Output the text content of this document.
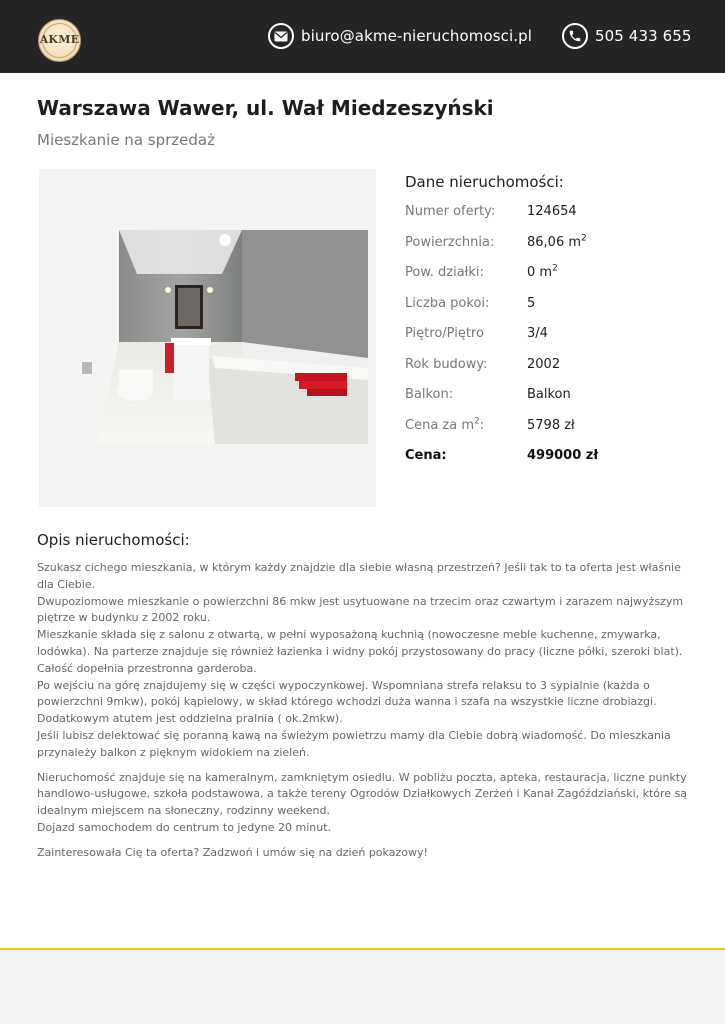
AKME	biuro@akme-nieruchomosci.pl	505 433 655
Warszawa Wawer, ul. Wał Miedzeszyński
Mieszkanie na sprzedaż
Dane nieruchomości:
Numer oferty: 124654
Powierzchnia:	86,06 $m^2$
Pow. działki:	0 $m^2$
Liczba pokoi:	5
Piętro/Piętro	3/4
Rok budowy:	2002
Balkon:	Balkon
Cena za $m^2$:	5798 zł
Cena:	499000 zł
Opis nieruchomości:
Szukasz cichego mieszkania, w którym każdy znajdzie dla siebie własną przestrzeń? Jeśli tak to ta oferta jest właśnie dla Ciebie.
Dwupoziomowe mieszkanie o powierzchni 86 mkw jest usytuowane na trzecim oraz czwartym i zarazem najwyższym piętrze w budynku z 2002 roku.
Mieszkanie składa się z salonu z otwartą, w pełni wyposażoną kuchnią (nowoczesne meble kuchenne, zmywarka, lodówka). Na parterze znajduje się również łazienka i widny pokój przystosowany do pracy (liczne półki, szeroki blat). Całość dopełnia przestronna garderoba.
Po wejściu na górę znajdujemy się w części wypoczynkowej. Wspomniana strefa relaksu to 3 sypialnie (każda o powierzchni 9mkw), pokój kąpielowy, w skład którego wchodzi duża wanna i szafa na wszystkie liczne drobiazgi. Dodatkowym atutem jest oddzielna pralnia ( ok.2mkw).
Jeśli lubisz delektować się poranną kawą na świeżym powietrzu mamy dla Ciebie dobrą wiadomość. Do mieszkania przynależy balkon z pięknym widokiem na zieleń.
Nieruchomość znajduje się na kameralnym, zamkniętym osiedlu. W pobliżu poczta, apteka, restauracja, liczne punkty handlowo-usługowe, szkoła podstawowa, a także tereny Ogrodów Działkowych Zerżeń i Kanał Zagóździański, które są idealnym miejscem na słoneczny, rodzinny weekend.
Dojazd samochodem do centrum to jedyne 20 minut.
Zainteresowała Cię ta oferta? Zadzwoń i umów się na dzień pokazowy!
